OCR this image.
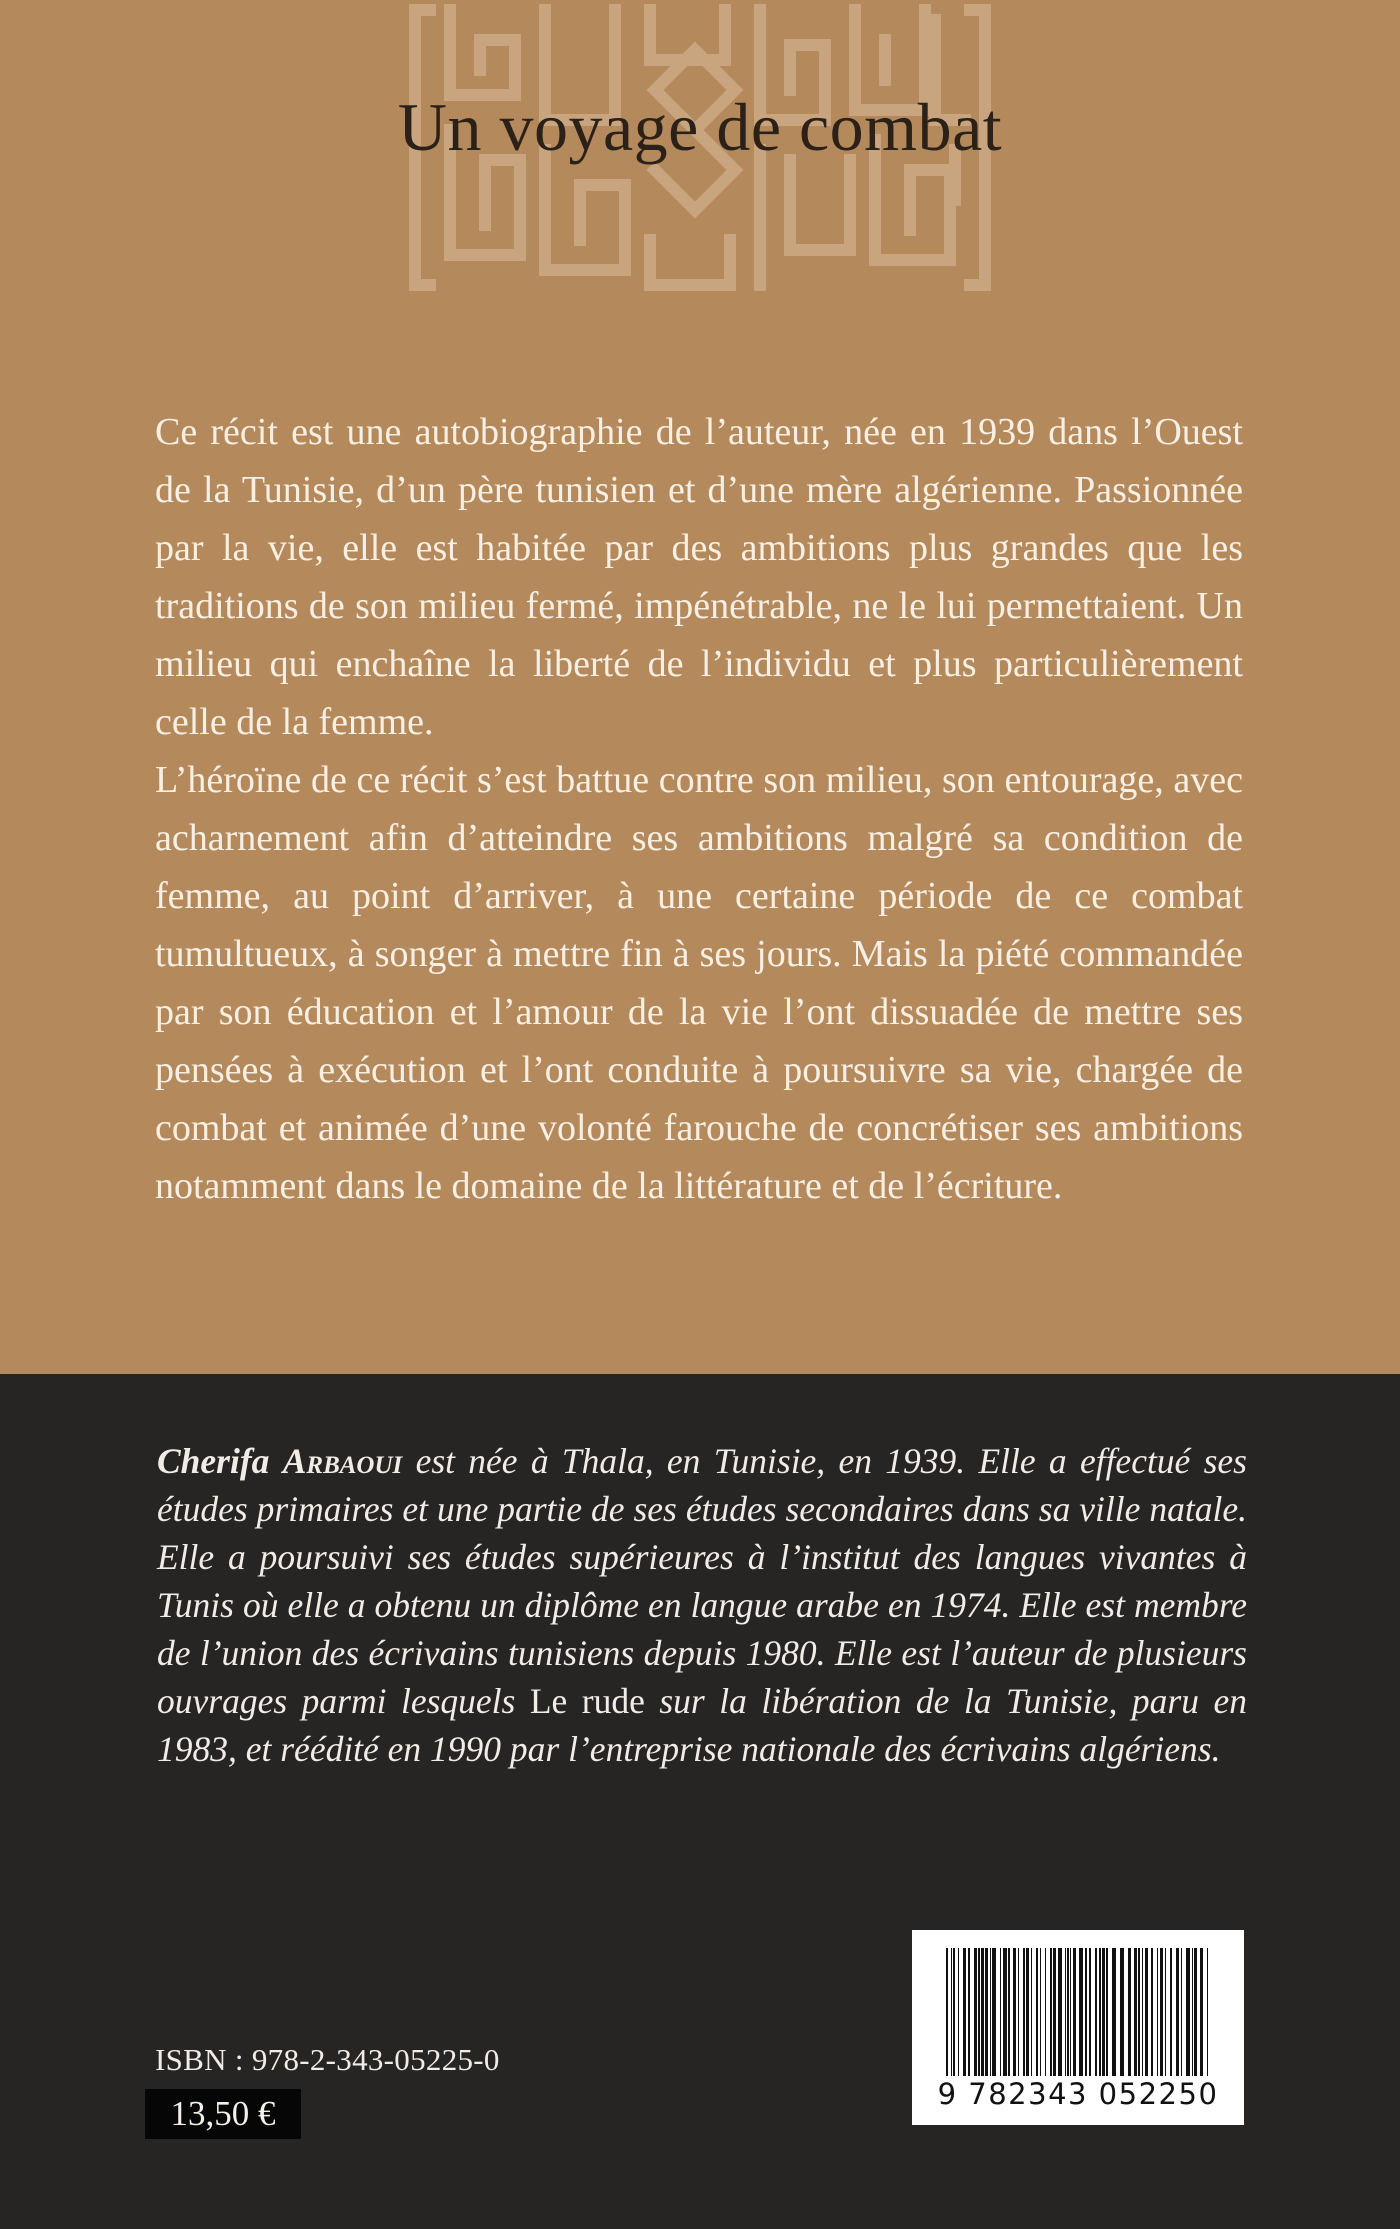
Un voyage de combat

Ce récit est une autobiographie de l’auteur, née en 1939 dans l’Ouest de la Tunisie, d’un père tunisien et d’une mère algérienne. Passionnée par la vie, elle est habitée par des ambitions plus grandes que les traditions de son milieu fermé, impénétrable, ne le lui permettaient. Un milieu qui enchaîne la liberté de l’individu et plus particulièrement celle de la femme.

L’héroïne de ce récit s’est battue contre son milieu, son entourage, avec acharnement afin d’atteindre ses ambitions malgré sa condition de femme, au point d’arriver, à une certaine période de ce combat tumultueux, à songer à mettre fin à ses jours. Mais la piété commandée par son éducation et l’amour de la vie l’ont dissuadée de mettre ses pensées à exécution et l’ont conduite à poursuivre sa vie, chargée de combat et animée d’une volonté farouche de concrétiser ses ambitions notamment dans le domaine de la littérature et de l’écriture.

Cherifa Arbaoui est née à Thala, en Tunisie, en 1939. Elle a effectué ses études primaires et une partie de ses études secondaires dans sa ville natale. Elle a poursuivi ses études supérieures à l’institut des langues vivantes à Tunis où elle a obtenu un diplôme en langue arabe en 1974. Elle est membre de l’union des écrivains tunisiens depuis 1980. Elle est l’auteur de plusieurs ouvrages parmi lesquels Le rude sur la libération de la Tunisie, paru en 1983, et réédité en 1990 par l’entreprise nationale des écrivains algériens.

ISBN : 978-2-343-05225-0
13,50 €	9 782343 052250
